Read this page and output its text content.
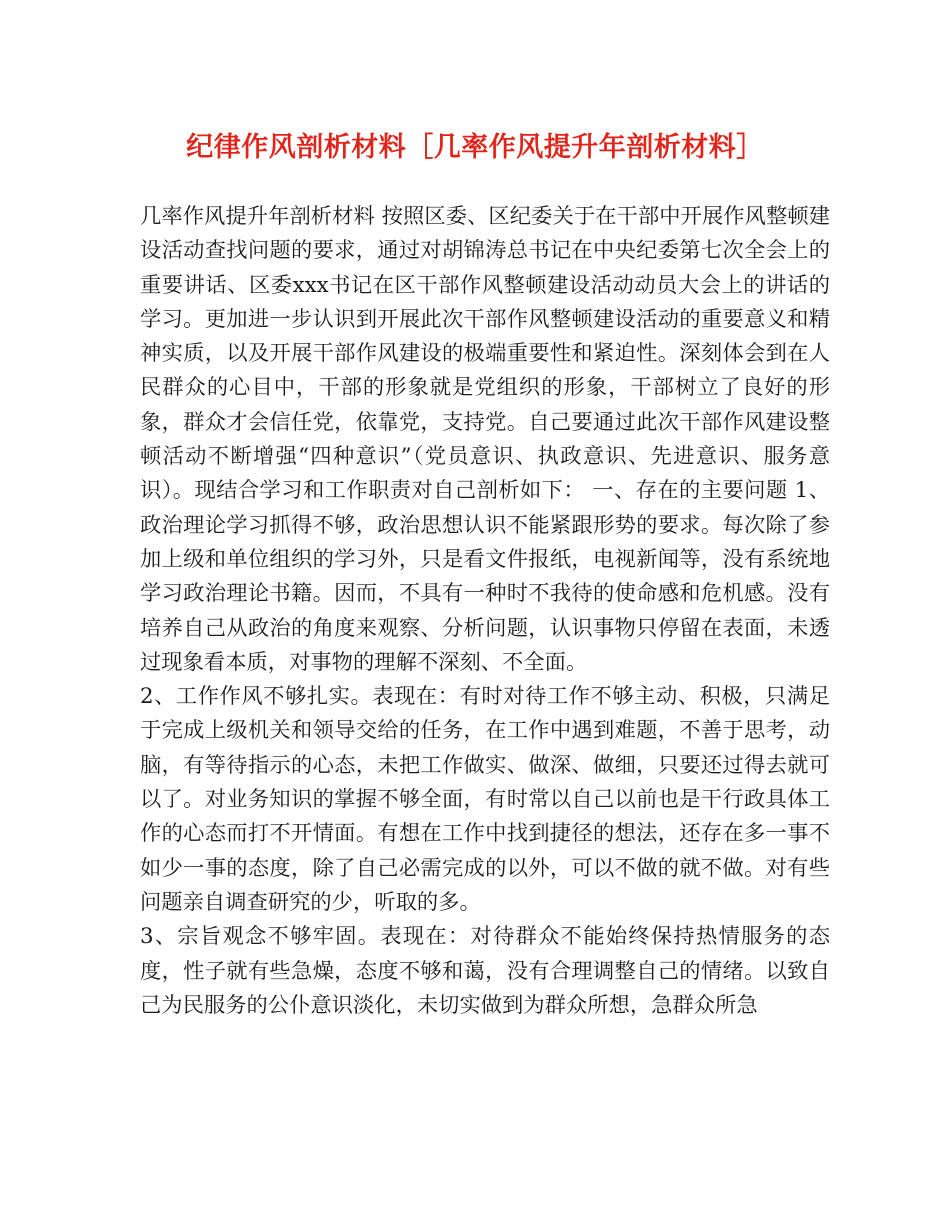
纪律作风剖析材料［几率作风提升年剖析材料］

几率作风提升年剖析材料 按照区委、区纪委关于在干部中开展作风整顿建设活动查找问题的要求，通过对胡锦涛总书记在中央纪委第七次全会上的重要讲话、区委xxx书记在区干部作风整顿建设活动动员大会上的讲话的学习。更加进一步认识到开展此次干部作风整顿建设活动的重要意义和精神实质，以及开展干部作风建设的极端重要性和紧迫性。深刻体会到在人民群众的心目中，干部的形象就是党组织的形象，干部树立了良好的形象，群众才会信任党，依靠党，支持党。自己要通过此次干部作风建设整顿活动不断增强“四种意识”（党员意识、执政意识、先进意识、服务意识）。现结合学习和工作职责对自己剖析如下： 一、存在的主要问题 1、政治理论学习抓得不够，政治思想认识不能紧跟形势的要求。每次除了参加上级和单位组织的学习外，只是看文件报纸，电视新闻等，没有系统地学习政治理论书籍。因而，不具有一种时不我待的使命感和危机感。没有培养自己从政治的角度来观察、分析问题，认识事物只停留在表面，未透过现象看本质，对事物的理解不深刻、不全面。

2、工作作风不够扎实。表现在：有时对待工作不够主动、积极，只满足于完成上级机关和领导交给的任务，在工作中遇到难题，不善于思考，动脑，有等待指示的心态，未把工作做实、做深、做细，只要还过得去就可以了。对业务知识的掌握不够全面，有时常以自己以前也是干行政具体工作的心态而打不开情面。有想在工作中找到捷径的想法，还存在多一事不如少一事的态度，除了自己必需完成的以外，可以不做的就不做。对有些问题亲自调查研究的少，听取的多。

3、宗旨观念不够牢固。表现在：对待群众不能始终保持热情服务的态度，性子就有些急燥，态度不够和蔼，没有合理调整自己的情绪。以致自己为民服务的公仆意识淡化，未切实做到为群众所想，急群众所急
